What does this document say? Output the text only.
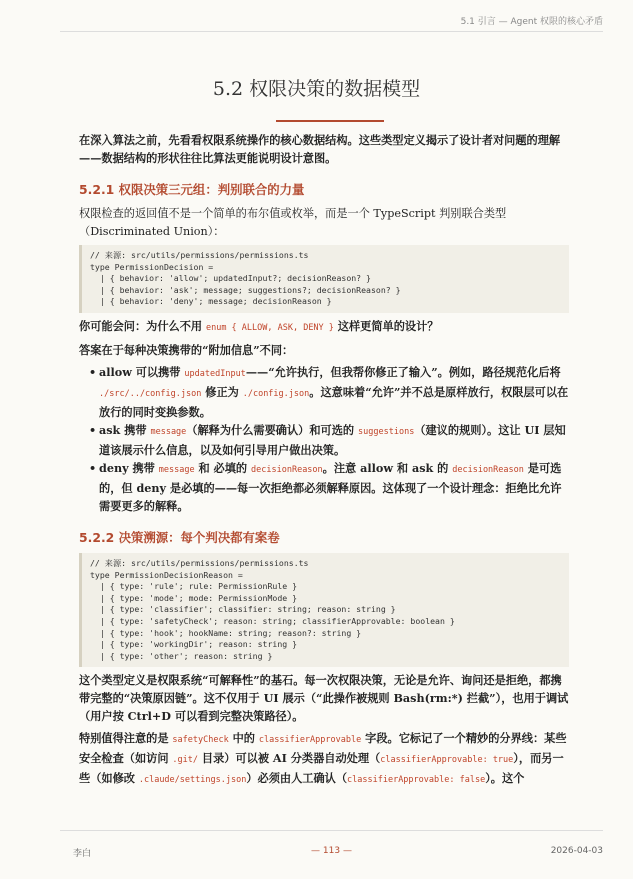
5.1 引言 — Agent 权限的核心矛盾
5.2 权限决策的数据模型

在深入算法之前，先看看权限系统操作的核心数据结构。这些类型定义揭示了设计者对问题的理解——数据结构的形状往往比算法更能说明设计意图。

5.2.1 权限决策三元组：判别联合的力量

权限检查的返回值不是一个简单的布尔值或枚举，而是一个 TypeScript 判别联合类型（Discriminated Union）：

// 来源: src/utils/permissions/permissions.ts
type PermissionDecision =
| { behavior: 'allow'; updatedInput?; decisionReason? }
| { behavior: 'ask'; message; suggestions?; decisionReason? }
| { behavior: 'deny'; message; decisionReason }

你可能会问：为什么不用 enum { ALLOW, ASK, DENY } 这样更简单的设计？

答案在于每种决策携带的“附加信息”不同：

• allow 可以携带 updatedInput——“允许执行，但我帮你修正了输入”。例如，路径规范化后将 ./src/../config.json 修正为 ./config.json。这意味着“允许”并不总是原样放行，权限层可以在放行的同时变换参数。
• ask 携带 message（解释为什么需要确认）和可选的 suggestions（建议的规则）。这让 UI 层知道该展示什么信息，以及如何引导用户做出决策。
• deny 携带 message 和 必填的 decisionReason。注意 allow 和 ask 的 decisionReason 是可选的，但 deny 是必填的——每一次拒绝都必须解释原因。这体现了一个设计理念：拒绝比允许需要更多的解释。
5.2.2 决策溯源：每个判决都有案卷
// 来源: src/utils/permissions/permissions.ts
type PermissionDecisionReason =
| { type: 'rule'; rule: PermissionRule }
| { type: 'mode'; mode: PermissionMode }
| { type: 'classifier'; classifier: string; reason: string }
| { type: 'safetyCheck'; reason: string; classifierApprovable: boolean }
| { type: 'hook'; hookName: string; reason?: string }
| { type: 'workingDir'; reason: string }
| { type: 'other'; reason: string }

这个类型定义是权限系统“可解释性”的基石。每一次权限决策，无论是允许、询问还是拒绝，都携带完整的“决策原因链”。这不仅用于 UI 展示（“此操作被规则 Bash(rm:*) 拦截”），也用于调试（用户按 Ctrl+D 可以看到完整决策路径）。

特别值得注意的是 safetyCheck 中的 classifierApprovable 字段。它标记了一个精妙的分界线：某些安全检查（如访问 .git/ 目录）可以被 AI 分类器自动处理（classifierApprovable: true），而另一些（如修改 .claude/settings.json）必须由人工确认（classifierApprovable: false）。这个

李白	— 113 —	2026-04-03
